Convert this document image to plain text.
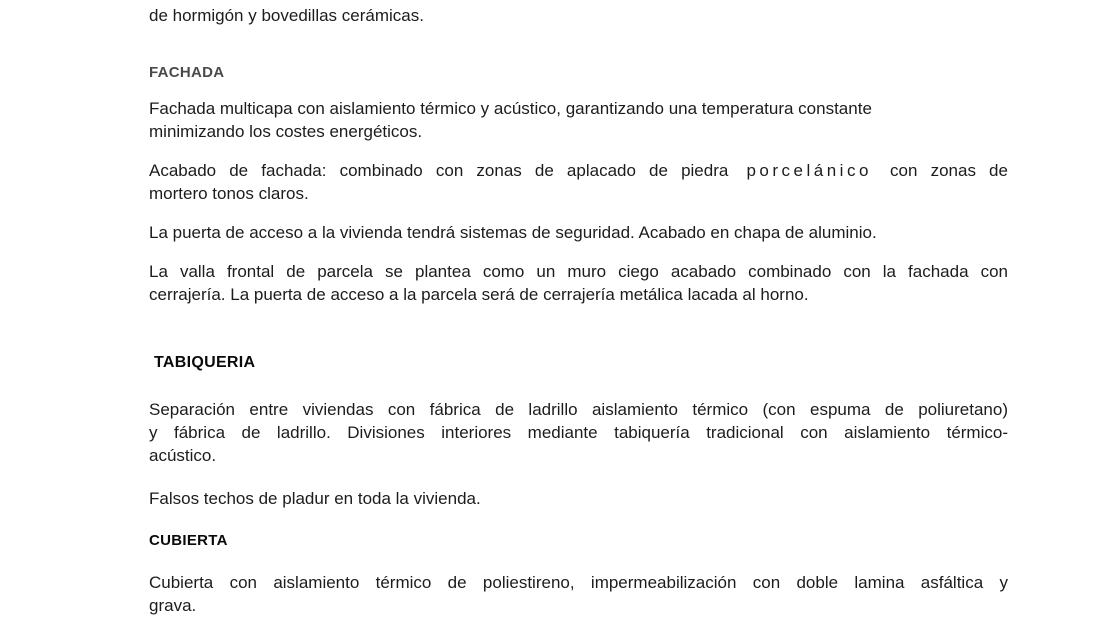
de hormigón y bovedillas cerámicas.
FACHADA
Fachada multicapa con aislamiento térmico y acústico, garantizando una temperatura constante
minimizando los costes energéticos.
Acabado de fachada: combinado con zonas de aplacado de piedra porcelánico con zonas de
mortero tonos claros.
La puerta de acceso a la vivienda tendrá sistemas de seguridad. Acabado en chapa de aluminio.
La valla frontal de parcela se plantea como un muro ciego acabado combinado con la fachada con
cerrajería. La puerta de acceso a la parcela será de cerrajería metálica lacada al horno.
TABIQUERIA
Separación entre viviendas con fábrica de ladrillo aislamiento térmico (con espuma de poliuretano)
y fábrica de ladrillo. Divisiones interiores mediante tabiquería tradicional con aislamiento térmico-
acústico.
Falsos techos de pladur en toda la vivienda.
CUBIERTA
Cubierta con aislamiento térmico de poliestireno, impermeabilización con doble lamina asfáltica y
grava.
